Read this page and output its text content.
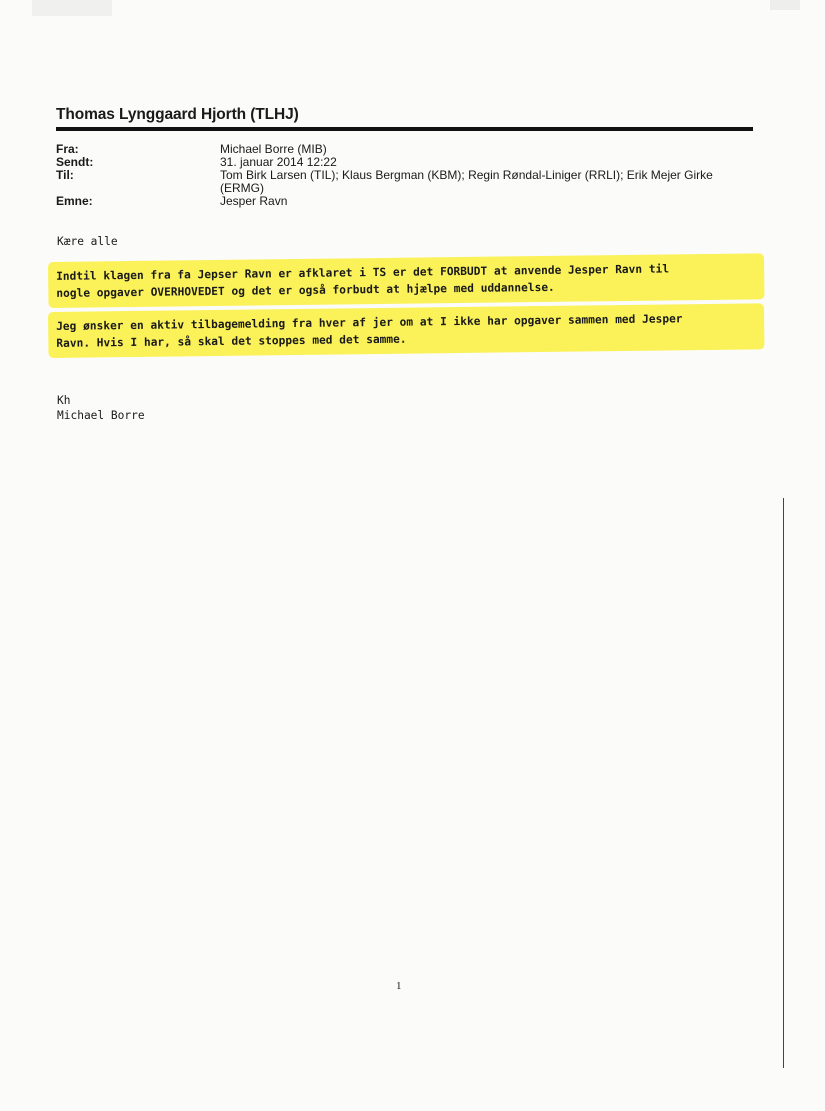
Thomas Lynggaard Hjorth (TLHJ)
Fra:	Michael Borre (MIB)
Sendt:	31. januar 2014 12:22
Til:	Tom Birk Larsen (TIL); Klaus Bergman (KBM); Regin Røndal-Liniger (RRLI); Erik Mejer Girke (ERMG)
Emne:	Jesper Ravn
Kære alle
Indtil klagen fra fa Jepser Ravn er afklaret i TS er det FORBUDT at anvende Jesper Ravn til
nogle opgaver OVERHOVEDET og det er også forbudt at hjælpe med uddannelse.
Jeg ønsker en aktiv tilbagemelding fra hver af jer om at I ikke har opgaver sammen med Jesper
Ravn. Hvis I har, så skal det stoppes med det samme.
Kh
Michael Borre
1
